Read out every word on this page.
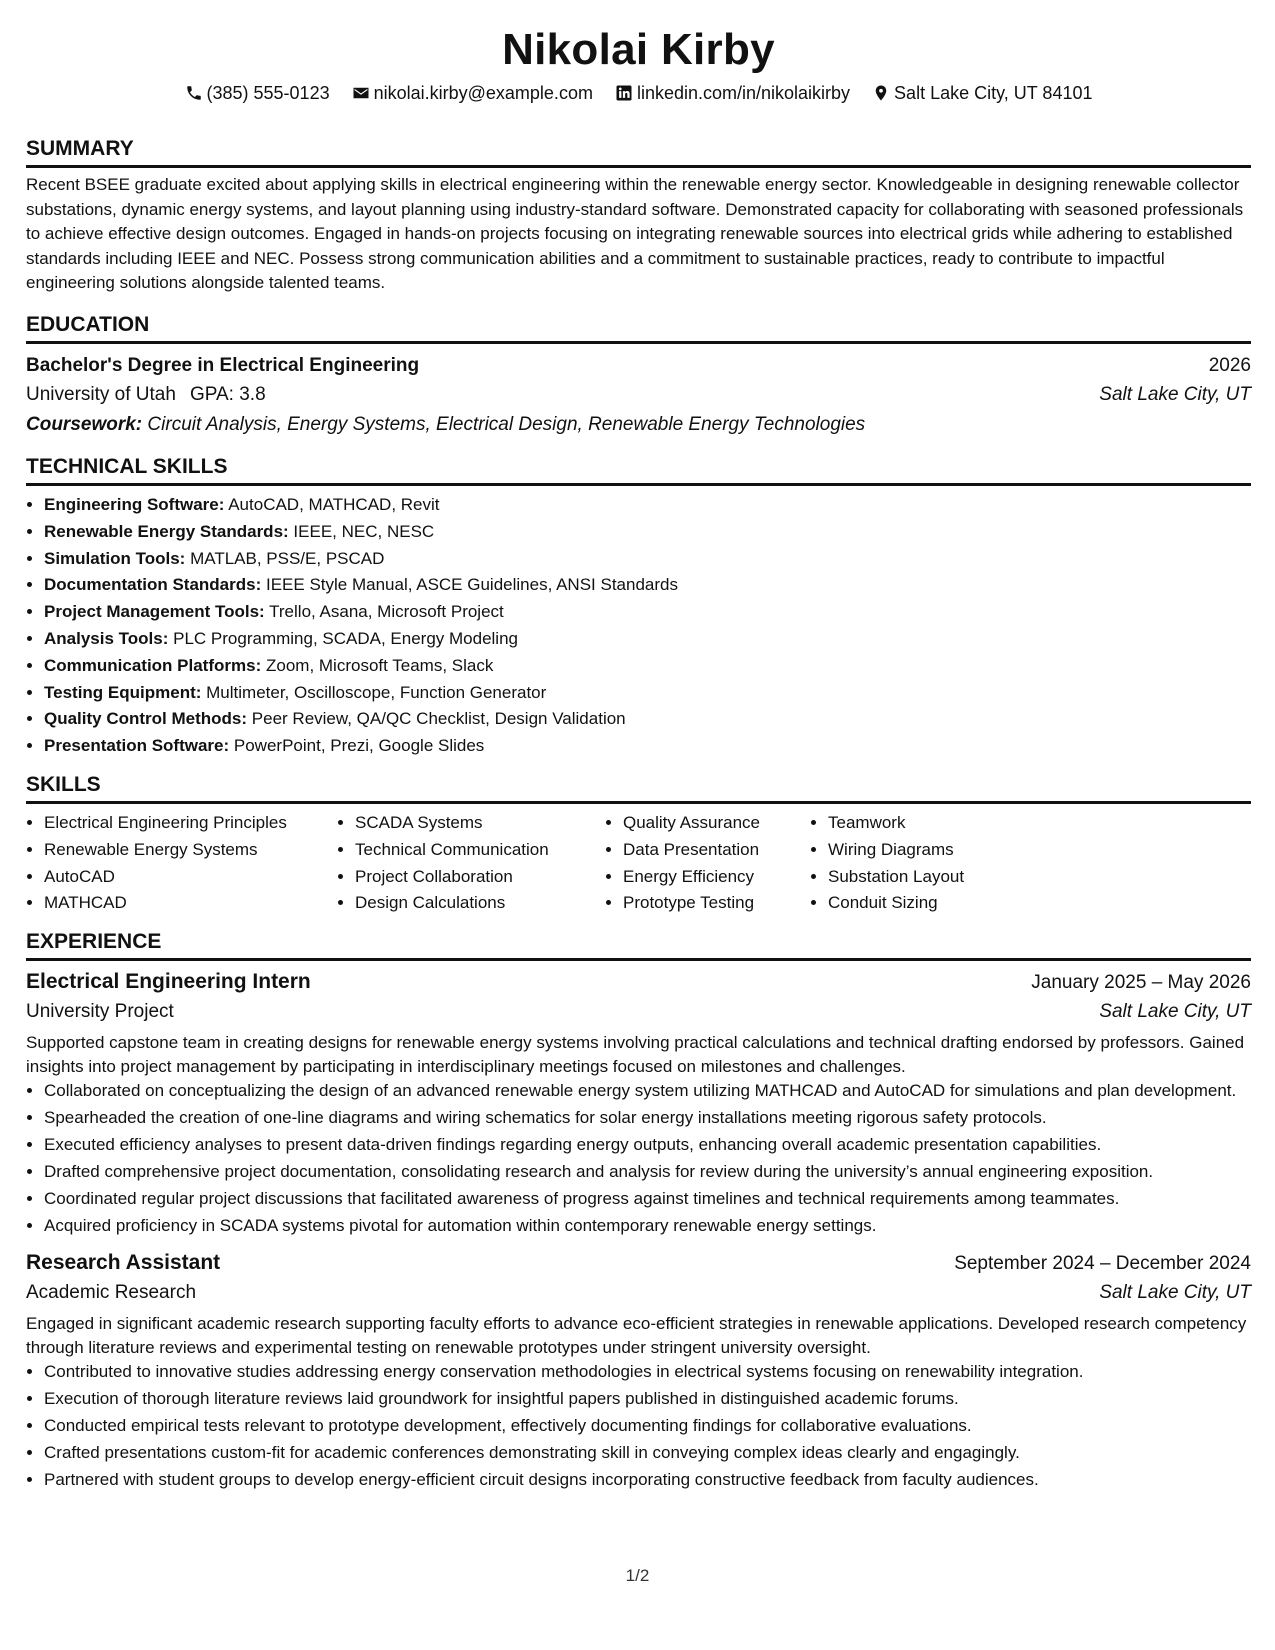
Nikolai Kirby
(385) 555-0123 nikolai.kirby@example.com linkedin.com/in/nikolaikirby Salt Lake City, UT 84101
SUMMARY
Recent BSEE graduate excited about applying skills in electrical engineering within the renewable energy sector. Knowledgeable in designing renewable collector substations, dynamic energy systems, and layout planning using industry-standard software. Demonstrated capacity for collaborating with seasoned professionals to achieve effective design outcomes. Engaged in hands-on projects focusing on integrating renewable sources into electrical grids while adhering to established standards including IEEE and NEC. Possess strong communication abilities and a commitment to sustainable practices, ready to contribute to impactful engineering solutions alongside talented teams.
EDUCATION
Bachelor's Degree in Electrical Engineering	2026
University of Utah GPA: 3.8	Salt Lake City, UT
Coursework: Circuit Analysis, Energy Systems, Electrical Design, Renewable Energy Technologies
TECHNICAL SKILLS
• Engineering Software: AutoCAD, MATHCAD, Revit
• Renewable Energy Standards: IEEE, NEC, NESC
• Simulation Tools: MATLAB, PSS/E, PSCAD
• Documentation Standards: IEEE Style Manual, ASCE Guidelines, ANSI Standards
• Project Management Tools: Trello, Asana, Microsoft Project
• Analysis Tools: PLC Programming, SCADA, Energy Modeling
• Communication Platforms: Zoom, Microsoft Teams, Slack
• Testing Equipment: Multimeter, Oscilloscope, Function Generator
• Quality Control Methods: Peer Review, QA/QC Checklist, Design Validation
• Presentation Software: PowerPoint, Prezi, Google Slides
SKILLS
• Electrical Engineering Principles
• Renewable Energy Systems
• AutoCAD
• MATHCAD
• SCADA Systems
• Technical Communication
• Project Collaboration
• Design Calculations
• Quality Assurance
• Data Presentation
• Energy Efficiency
• Prototype Testing
• Teamwork
• Wiring Diagrams
• Substation Layout
• Conduit Sizing
EXPERIENCE
Electrical Engineering Intern	January 2025 – May 2026
University Project	Salt Lake City, UT
Supported capstone team in creating designs for renewable energy systems involving practical calculations and technical drafting endorsed by professors. Gained insights into project management by participating in interdisciplinary meetings focused on milestones and challenges.
• Collaborated on conceptualizing the design of an advanced renewable energy system utilizing MATHCAD and AutoCAD for simulations and plan development.
• Spearheaded the creation of one-line diagrams and wiring schematics for solar energy installations meeting rigorous safety protocols.
• Executed efficiency analyses to present data-driven findings regarding energy outputs, enhancing overall academic presentation capabilities.
• Drafted comprehensive project documentation, consolidating research and analysis for review during the university’s annual engineering exposition.
• Coordinated regular project discussions that facilitated awareness of progress against timelines and technical requirements among teammates.
• Acquired proficiency in SCADA systems pivotal for automation within contemporary renewable energy settings.
Research Assistant	September 2024 – December 2024
Academic Research	Salt Lake City, UT
Engaged in significant academic research supporting faculty efforts to advance eco-efficient strategies in renewable applications. Developed research competency through literature reviews and experimental testing on renewable prototypes under stringent university oversight.
• Contributed to innovative studies addressing energy conservation methodologies in electrical systems focusing on renewability integration.
• Execution of thorough literature reviews laid groundwork for insightful papers published in distinguished academic forums.
• Conducted empirical tests relevant to prototype development, effectively documenting findings for collaborative evaluations.
• Crafted presentations custom-fit for academic conferences demonstrating skill in conveying complex ideas clearly and engagingly.
• Partnered with student groups to develop energy-efficient circuit designs incorporating constructive feedback from faculty audiences.
1/2
